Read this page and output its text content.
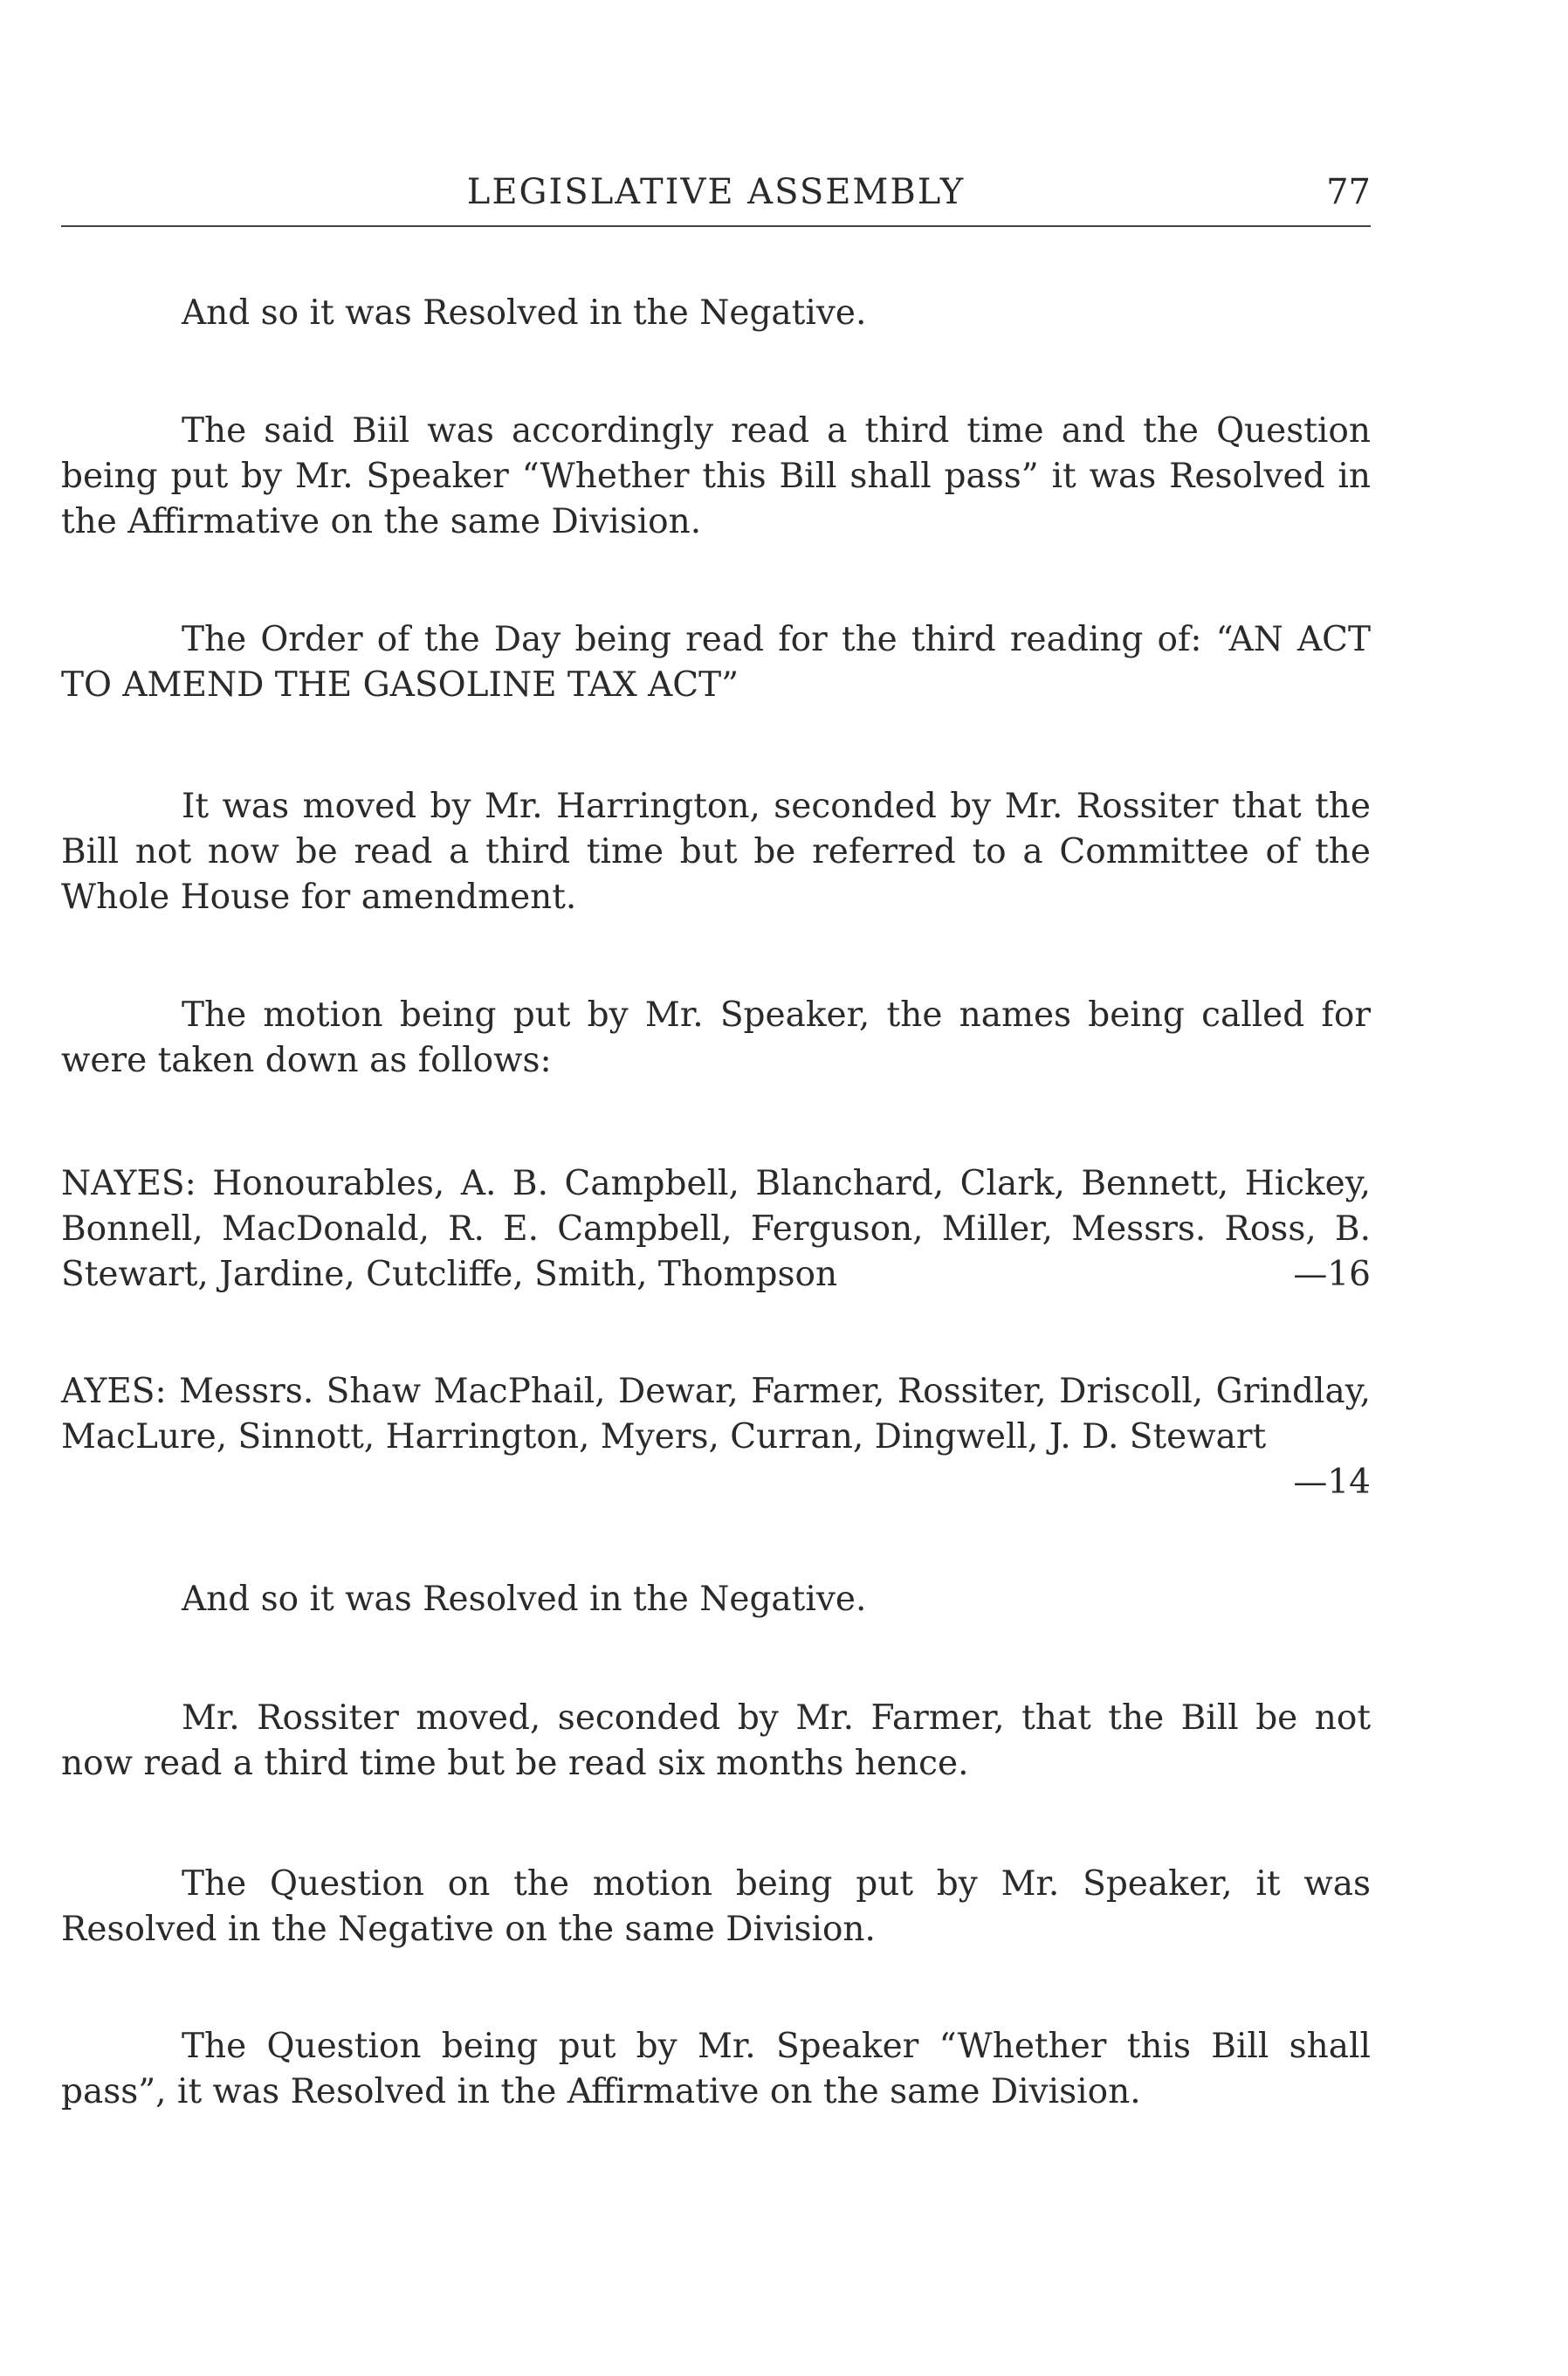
LEGISLATIVE ASSEMBLY	77

And so it was Resolved in the Negative.

The said Biil was accordingly read a third time and the Question being put by Mr. Speaker “Whether this Bill shall pass” it was Resolved in the Affirmative on the same Division.

The Order of the Day being read for the third reading of: “AN ACT TO AMEND THE GASOLINE TAX ACT”

It was moved by Mr. Harrington, seconded by Mr. Rossiter that the Bill not now be read a third time but be referred to a Committee of the Whole House for amendment.

The motion being put by Mr. Speaker, the names being called for were taken down as follows:

NAYES: Honourables, A. B. Campbell, Blanchard, Clark, Bennett, Hickey, Bonnell, MacDonald, R. E. Campbell, Ferguson, Miller, Messrs. Ross, B. Stewart, Jardine, Cutcliffe, Smith, Thompson	—16
AYES: Messrs. Shaw MacPhail, Dewar, Farmer, Rossiter, Driscoll, Grindlay, MacLure, Sinnott, Harrington, Myers, Curran, Dingwell, J. D. Stewart
—14

And so it was Resolved in the Negative.

Mr. Rossiter moved, seconded by Mr. Farmer, that the Bill be not now read a third time but be read six months hence.

The Question on the motion being put by Mr. Speaker, it was Resolved in the Negative on the same Division.

The Question being put by Mr. Speaker “Whether this Bill shall pass”, it was Resolved in the Affirmative on the same Division.
